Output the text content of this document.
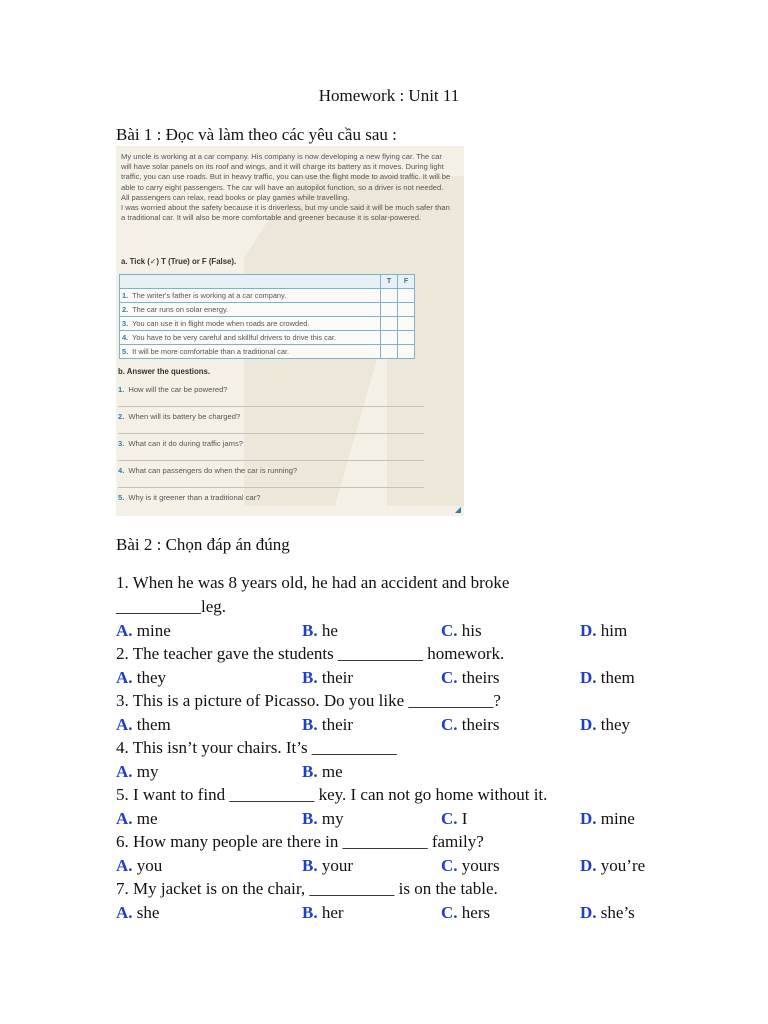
Homework : Unit 11
Bài 1 : Đọc và làm theo các yêu cầu sau :

My uncle is working at a car company. His company is now developing a new flying car. The car will have solar panels on its roof and wings, and it will charge its battery as it moves. During light traffic, you can use roads. But in heavy traffic, you can use the flight mode to avoid traffic. It will be able to carry eight passengers. The car will have an autopilot function, so a driver is not needed. All passengers can relax, read books or play games while travelling.

I was worried about the safety because it is driverless, but my uncle said it will be much safer than a traditional car. It will also be more comfortable and greener because it is solar-powered.

a. Tick (✓) T (True) or F (False).
	T	F
1. The writer's father is working at a car company.		
2. The car runs on solar energy.		
3. You can use it in flight mode when roads are crowded.		
4. You have to be very careful and skillful drivers to drive this car.		
5. It will be more comfortable than a traditional car.		
b. Answer the questions.
1. How will the car be powered?
2. When will its battery be charged?
3. What can it do during traffic jams?
4. What can passengers do when the car is running?
5. Why is it greener than a traditional car?
◢
Bài 2 : Chọn đáp án đúng
1. When he was 8 years old, he had an accident and broke
__________leg.
A. mine	B. he	C. his	D. him
2. The teacher gave the students __________ homework.
A. they	B. their	C. theirs	D. them
3. This is a picture of Picasso. Do you like __________?
A. them	B. their	C. theirs	D. they
4. This isn’t your chairs. It’s __________
A. my	B. me
5. I want to find __________ key. I can not go home without it.
A. me	B. my	C. I	D. mine
6. How many people are there in __________ family?
A. you	B. your	C. yours	D. you’re
7. My jacket is on the chair, __________ is on the table.
A. she	B. her	C. hers	D. she’s
